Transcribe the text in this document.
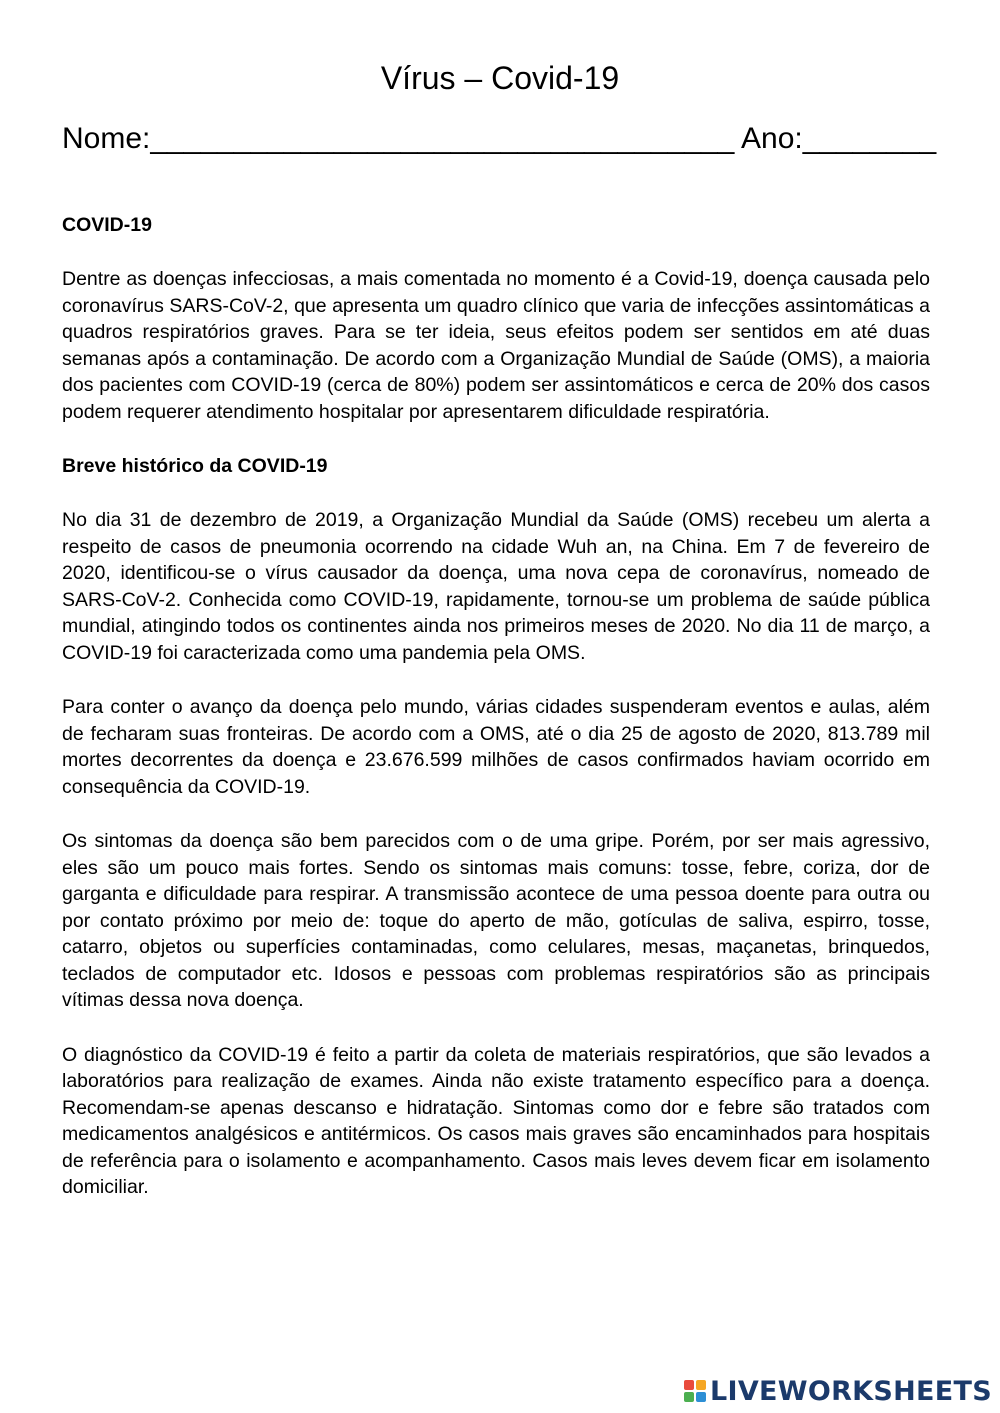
Vírus – Covid-19
Nome:___________________________________ Ano:________

COVID-19

Dentre as doenças infecciosas, a mais comentada no momento é a Covid-19, doença causada pelo coronavírus SARS-CoV-2, que apresenta um quadro clínico que varia de infecções assintomáticas a quadros respiratórios graves. Para se ter ideia, seus efeitos podem ser sentidos em até duas semanas após a contaminação. De acordo com a Organização Mundial de Saúde (OMS), a maioria dos pacientes com COVID-19 (cerca de 80%) podem ser assintomáticos e cerca de 20% dos casos podem requerer atendimento hospitalar por apresentarem dificuldade respiratória.

Breve histórico da COVID-19

No dia 31 de dezembro de 2019, a Organização Mundial da Saúde (OMS) recebeu um alerta a respeito de casos de pneumonia ocorrendo na cidade Wuh an, na China. Em 7 de fevereiro de 2020, identificou-se o vírus causador da doença, uma nova cepa de coronavírus, nomeado de SARS-CoV-2. Conhecida como COVID-19, rapidamente, tornou-se um problema de saúde pública mundial, atingindo todos os continentes ainda nos primeiros meses de 2020. No dia 11 de março, a COVID-19 foi caracterizada como uma pandemia pela OMS.

Para conter o avanço da doença pelo mundo, várias cidades suspenderam eventos e aulas, além de fecharam suas fronteiras. De acordo com a OMS, até o dia 25 de agosto de 2020, 813.789 mil mortes decorrentes da doença e 23.676.599 milhões de casos confirmados haviam ocorrido em consequência da COVID-19.

Os sintomas da doença são bem parecidos com o de uma gripe. Porém, por ser mais agressivo, eles são um pouco mais fortes. Sendo os sintomas mais comuns: tosse, febre, coriza, dor de garganta e dificuldade para respirar. A transmissão acontece de uma pessoa doente para outra ou por contato próximo por meio de: toque do aperto de mão, gotículas de saliva, espirro, tosse, catarro, objetos ou superfícies contaminadas, como celulares, mesas, maçanetas, brinquedos, teclados de computador etc. Idosos e pessoas com problemas respiratórios são as principais vítimas dessa nova doença.

O diagnóstico da COVID-19 é feito a partir da coleta de materiais respiratórios, que são levados a laboratórios para realização de exames. Ainda não existe tratamento específico para a doença. Recomendam-se apenas descanso e hidratação. Sintomas como dor e febre são tratados com medicamentos analgésicos e antitérmicos. Os casos mais graves são encaminhados para hospitais de referência para o isolamento e acompanhamento. Casos mais leves devem ficar em isolamento domiciliar.

LIVEWORKSHEETS
